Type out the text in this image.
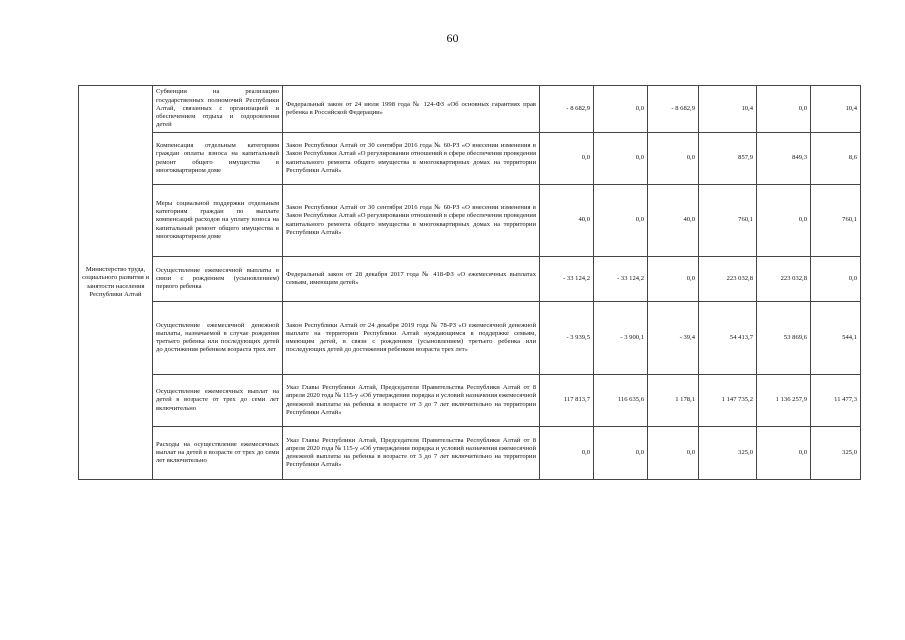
60
Министерство труда, социального развития и занятости населения Республики Алтай	Субвенции на реализацию государственных полномочий Республики Алтай, связанных с организацией и обеспечением отдыха и оздоровления детей	Федеральный закон от 24 июля 1998 года № 124-ФЗ «Об основных гарантиях прав ребенка в Российской Федерации»	- 8 682,9	0,0	- 8 682,9	10,4	0,0	10,4
	Компенсация отдельным категориям граждан оплаты взноса на капитальный ремонт общего имущества в многоквартирном доме	Закон Республики Алтай от 30 сентября 2016 года № 60-РЗ «О внесении изменения в Закон Республики Алтай «О регулировании отношений в сфере обеспечения проведения капитального ремонта общего имущества в многоквартирных домах на территории Республики Алтай»	0,0	0,0	0,0	857,9	849,3	8,6
	Меры социальной поддержки отдельным категориям граждан по выплате компенсаций расходов на уплату взноса на капитальный ремонт общего имущества в многоквартирном доме	Закон Республики Алтай от 30 сентября 2016 года № 60-РЗ «О внесении изменения в Закон Республики Алтай «О регулировании отношений в сфере обеспечения проведения капитального ремонта общего имущества в многоквартирных домах на территории Республики Алтай»	40,0	0,0	40,0	760,1	0,0	760,1
	Осуществление ежемесячной выплаты в связи с рождением (усыновлением) первого ребенка	Федеральный закон от 28 декабря 2017 года № 418-ФЗ «О ежемесячных выплатах семьям, имеющим детей»	- 33 124,2	- 33 124,2	0,0	223 032,8	223 032,8	0,0
	Осуществление ежемесячной денежной выплаты, назначаемой в случае рождения третьего ребенка или последующих детей до достижения ребенком возраста трех лет	Закон Республики Алтай от 24 декабря 2019 года № 78-РЗ «О ежемесячной денежной выплате на территории Республики Алтай нуждающимся в поддержке семьям, имеющим детей, в связи с рождением (усыновлением) третьего ребенка или последующих детей до достижения ребенком возраста трех лет»	- 3 939,5	- 3 900,1	- 39,4	54 413,7	53 869,6	544,1
	Осуществление ежемесячных выплат на детей в возрасте от трех до семи лет включительно	Указ Главы Республики Алтай, Председателя Правительства Республики Алтай от 8 апреля 2020 года № 115-у «Об утверждении порядка и условий назначения ежемесячной денежной выплаты на ребенка в возрасте от 3 до 7 лет включительно на территории Республики Алтай»	117 813,7	116 635,6	1 178,1	1 147 735,2	1 136 257,9	11 477,3
	Расходы на осуществление ежемесячных выплат на детей в возрасте от трех до семи лет включительно	Указ Главы Республики Алтай, Председателя Правительства Республики Алтай от 8 апреля 2020 года № 115-у «Об утверждении порядка и условий назначения ежемесячной денежной выплаты на ребенка в возрасте от 3 до 7 лет включительно на территории Республики Алтай»	0,0	0,0	0,0	325,0	0,0	325,0
